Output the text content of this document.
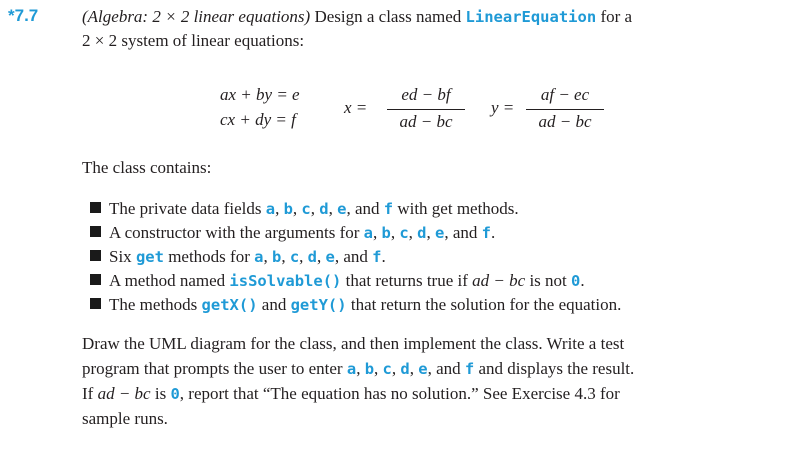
*7.7	(Algebra: 2 × 2 linear equations) Design a class named LinearEquation for a
2 × 2 system of linear equations:
ax + by = e
cx + dy = f
x =
ed − bf
ad − bc
y =
af − ec
ad − bc
The class contains:
The private data fields a, b, c, d, e, and f with get methods.
A constructor with the arguments for a, b, c, d, e, and f.
Six get methods for a, b, c, d, e, and f.
A method named isSolvable() that returns true if ad − bc is not 0.
The methods getX() and getY() that return the solution for the equation.
Draw the UML diagram for the class, and then implement the class. Write a test
program that prompts the user to enter a, b, c, d, e, and f and displays the result.
If ad − bc is 0, report that “The equation has no solution.” See Exercise 4.3 for
sample runs.
